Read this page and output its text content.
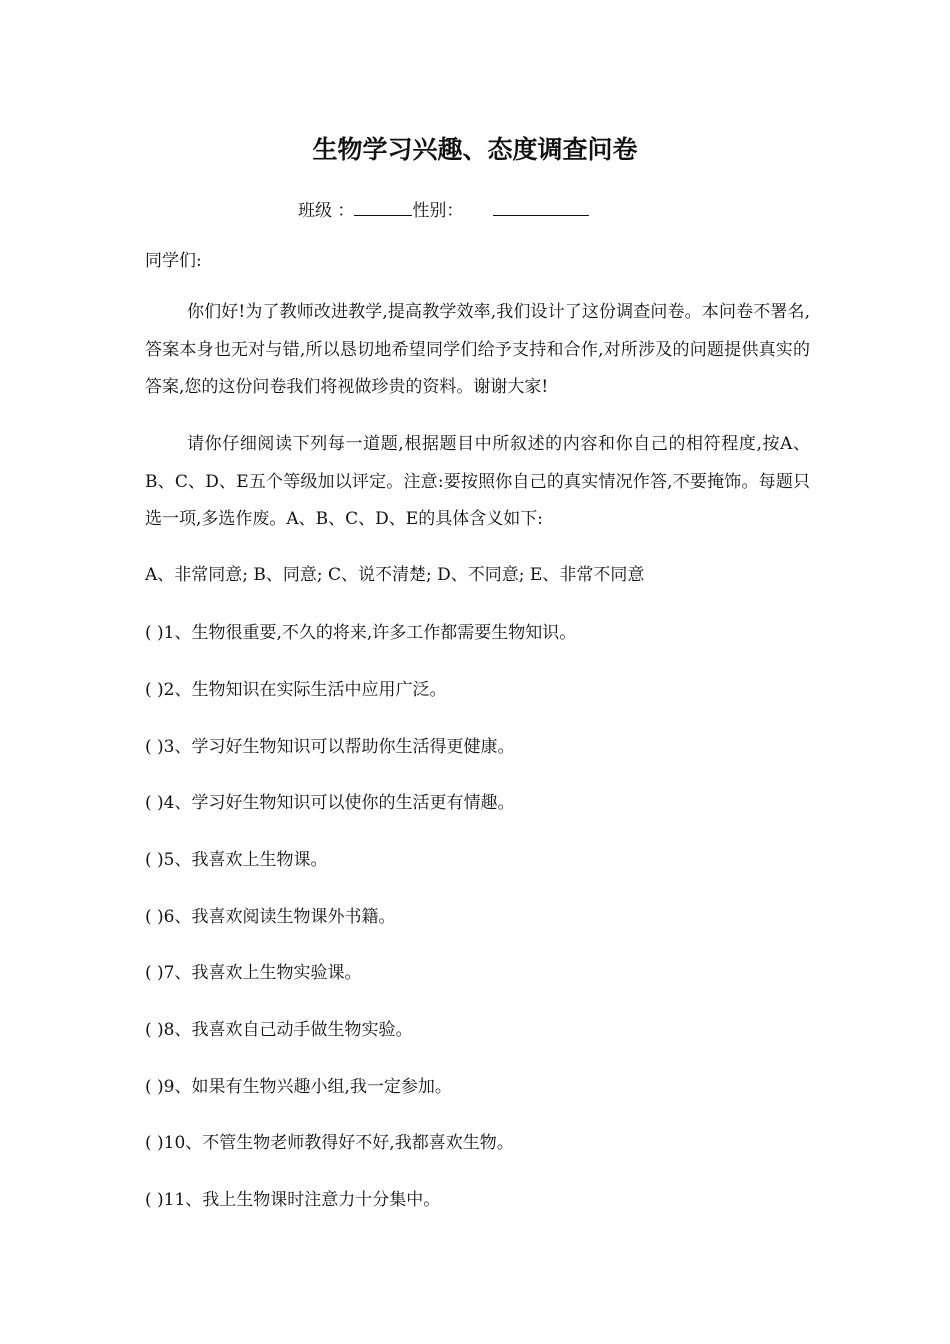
生物学习兴趣、态度调查问卷
班级 ：	性别：
同学们:
你们好!为了教师改进教学,提高教学效率,我们设计了这份调查问卷。本问卷不署名,答案本身也无对与错,所以恳切地希望同学们给予支持和合作,对所涉及的问题提供真实的答案,您的这份问卷我们将视做珍贵的资料。谢谢大家!
请你仔细阅读下列每一道题,根据题目中所叙述的内容和你自己的相符程度,按A、B、C、D、E五个等级加以评定。注意:要按照你自己的真实情况作答,不要掩饰。每题只选一项,多选作废。A、B、C、D、E的具体含义如下:
A、非常同意; B、同意; C、说不清楚; D、不同意; E、非常不同意
( )1、生物很重要,不久的将来,许多工作都需要生物知识。
( )2、生物知识在实际生活中应用广泛。
( )3、学习好生物知识可以帮助你生活得更健康。
( )4、学习好生物知识可以使你的生活更有情趣。
( )5、我喜欢上生物课。
( )6、我喜欢阅读生物课外书籍。
( )7、我喜欢上生物实验课。
( )8、我喜欢自己动手做生物实验。
( )9、如果有生物兴趣小组,我一定参加。
( )10、不管生物老师教得好不好,我都喜欢生物。
( )11、我上生物课时注意力十分集中。
